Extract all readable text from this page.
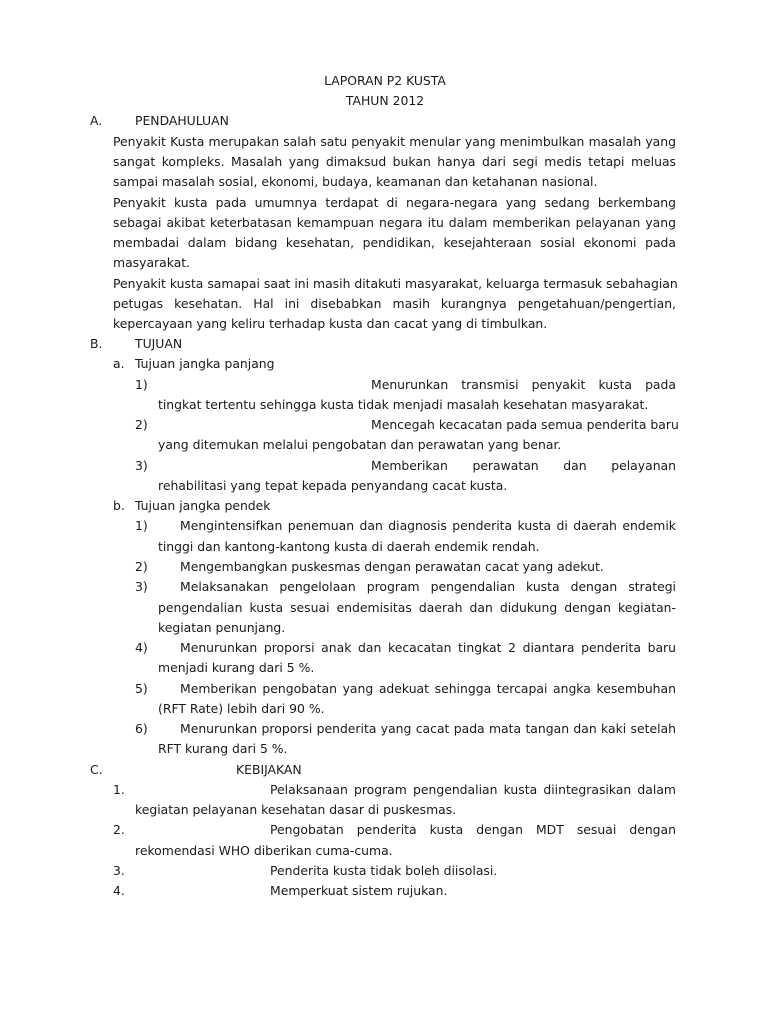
LAPORAN P2 KUSTA
TAHUN 2012
A.	PENDAHULUAN
Penyakit Kusta merupakan salah satu penyakit menular yang menimbulkan masalah yang
sangat kompleks. Masalah yang dimaksud bukan hanya dari segi medis tetapi meluas
sampai masalah sosial, ekonomi, budaya, keamanan dan ketahanan nasional.
Penyakit kusta pada umumnya terdapat di negara-negara yang sedang berkembang
sebagai akibat keterbatasan kemampuan negara itu dalam memberikan pelayanan yang
membadai dalam bidang kesehatan, pendidikan, kesejahteraan sosial ekonomi pada
masyarakat.
Penyakit kusta samapai saat ini masih ditakuti masyarakat, keluarga termasuk sebahagian
petugas kesehatan. Hal ini disebabkan masih kurangnya pengetahuan/pengertian,
kepercayaan yang keliru terhadap kusta dan cacat yang di timbulkan.
B.	TUJUAN
a. Tujuan jangka panjang
1)	Menurunkan transmisi penyakit kusta pada
tingkat tertentu sehingga kusta tidak menjadi masalah kesehatan masyarakat.
2)	Mencegah kecacatan pada semua penderita baru
yang ditemukan melalui pengobatan dan perawatan yang benar.
3)	Memberikan perawatan dan pelayanan
rehabilitasi yang tepat kepada penyandang cacat kusta.
b. Tujuan jangka pendek
1)	Mengintensifkan penemuan dan diagnosis penderita kusta di daerah endemik
tinggi dan kantong-kantong kusta di daerah endemik rendah.
2)	Mengembangkan puskesmas dengan perawatan cacat yang adekut.
3)	Melaksanakan pengelolaan program pengendalian kusta dengan strategi
pengendalian kusta sesuai endemisitas daerah dan didukung dengan kegiatan-
kegiatan penunjang.
4)	Menurunkan proporsi anak dan kecacatan tingkat 2 diantara penderita baru
menjadi kurang dari 5 %.
5)	Memberikan pengobatan yang adekuat sehingga tercapai angka kesembuhan
(RFT Rate) lebih dari 90 %.
6)	Menurunkan proporsi penderita yang cacat pada mata tangan dan kaki setelah
RFT kurang dari 5 %.
C.	KEBIJAKAN
1.	Pelaksanaan program pengendalian kusta diintegrasikan dalam
kegiatan pelayanan kesehatan dasar di puskesmas.
2.	Pengobatan penderita kusta dengan MDT sesuai dengan
rekomendasi WHO diberikan cuma-cuma.
3.	Penderita kusta tidak boleh diisolasi.
4.	Memperkuat sistem rujukan.
